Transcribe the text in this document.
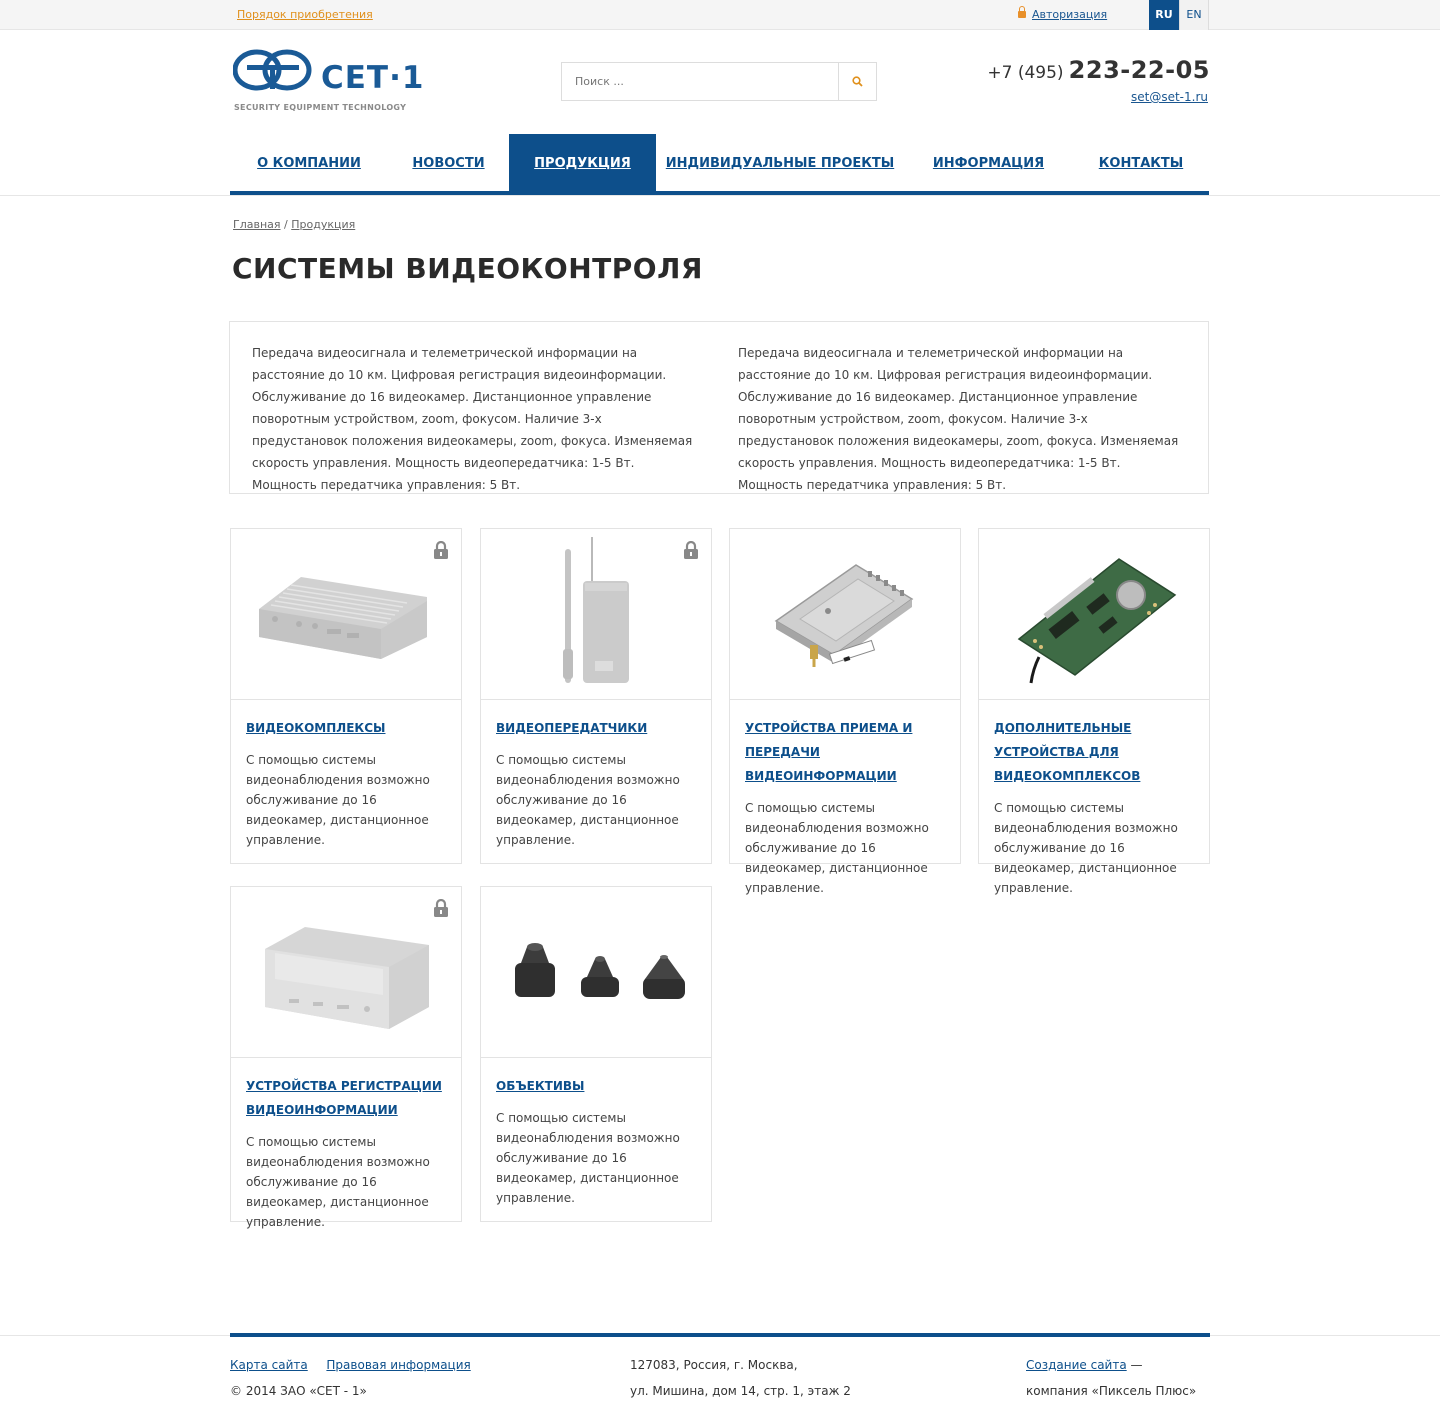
Порядок приобретения	Авторизация	RU	EN
СЕТ·1
SECURITY EQUIPMENT TECHNOLOGY
Поиск ...
+7 (495) 223-22-05
set@set-1.ru
О КОМПАНИИ	НОВОСТИ	ПРОДУКЦИЯ	ИНДИВИДУАЛЬНЫЕ ПРОЕКТЫ	ИНФОРМАЦИЯ	КОНТАКТЫ
Главная / Продукция
СИСТЕМЫ ВИДЕОКОНТРОЛЯ

Передача видеосигнала и телеметрической информации на расстояние до 10 км. Цифровая регистрация видеоинформации. Обслуживание до 16 видеокамер. Дистанционное управление поворотным устройством, zoom, фокусом. Наличие 3-х предустановок положения видеокамеры, zoom, фокуса. Изменяемая скорость управления. Мощность видеопередатчика: 1-5 Вт. Мощность передатчика управления: 5 Вт.

Передача видеосигнала и телеметрической информации на расстояние до 10 км. Цифровая регистрация видеоинформации. Обслуживание до 16 видеокамер. Дистанционное управление поворотным устройством, zoom, фокусом. Наличие 3-х предустановок положения видеокамеры, zoom, фокуса. Изменяемая скорость управления. Мощность видеопередатчика: 1-5 Вт. Мощность передатчика управления: 5 Вт.

ВИДЕОКОМПЛЕКСЫ

С помощью системы видеонаблюдения возможно обслуживание до 16 видеокамер, дистанционное управление.

ВИДЕОПЕРЕДАТЧИКИ

С помощью системы видеонаблюдения возможно обслуживание до 16 видеокамер, дистанционное управление.

УСТРОЙСТВА ПРИЕМА И ПЕРЕДАЧИ ВИДЕОИНФОРМАЦИИ

С помощью системы видеонаблюдения возможно обслуживание до 16 видеокамер, дистанционное управление.

ДОПОЛНИТЕЛЬНЫЕ УСТРОЙСТВА ДЛЯ ВИДЕОКОМПЛЕКСОВ

С помощью системы видеонаблюдения возможно обслуживание до 16 видеокамер, дистанционное управление.

УСТРОЙСТВА РЕГИСТРАЦИИ ВИДЕОИНФОРМАЦИИ

С помощью системы видеонаблюдения возможно обслуживание до 16 видеокамер, дистанционное управление.

ОБЪЕКТИВЫ

С помощью системы видеонаблюдения возможно обслуживание до 16 видеокамер, дистанционное управление.

Карта сайта Правовая информация
© 2014 ЗАО «СЕТ - 1»
127083, Россия, г. Москва,
ул. Мишина, дом 14, стр. 1, этаж 2
Создание сайта —
компания «Пиксель Плюс»
